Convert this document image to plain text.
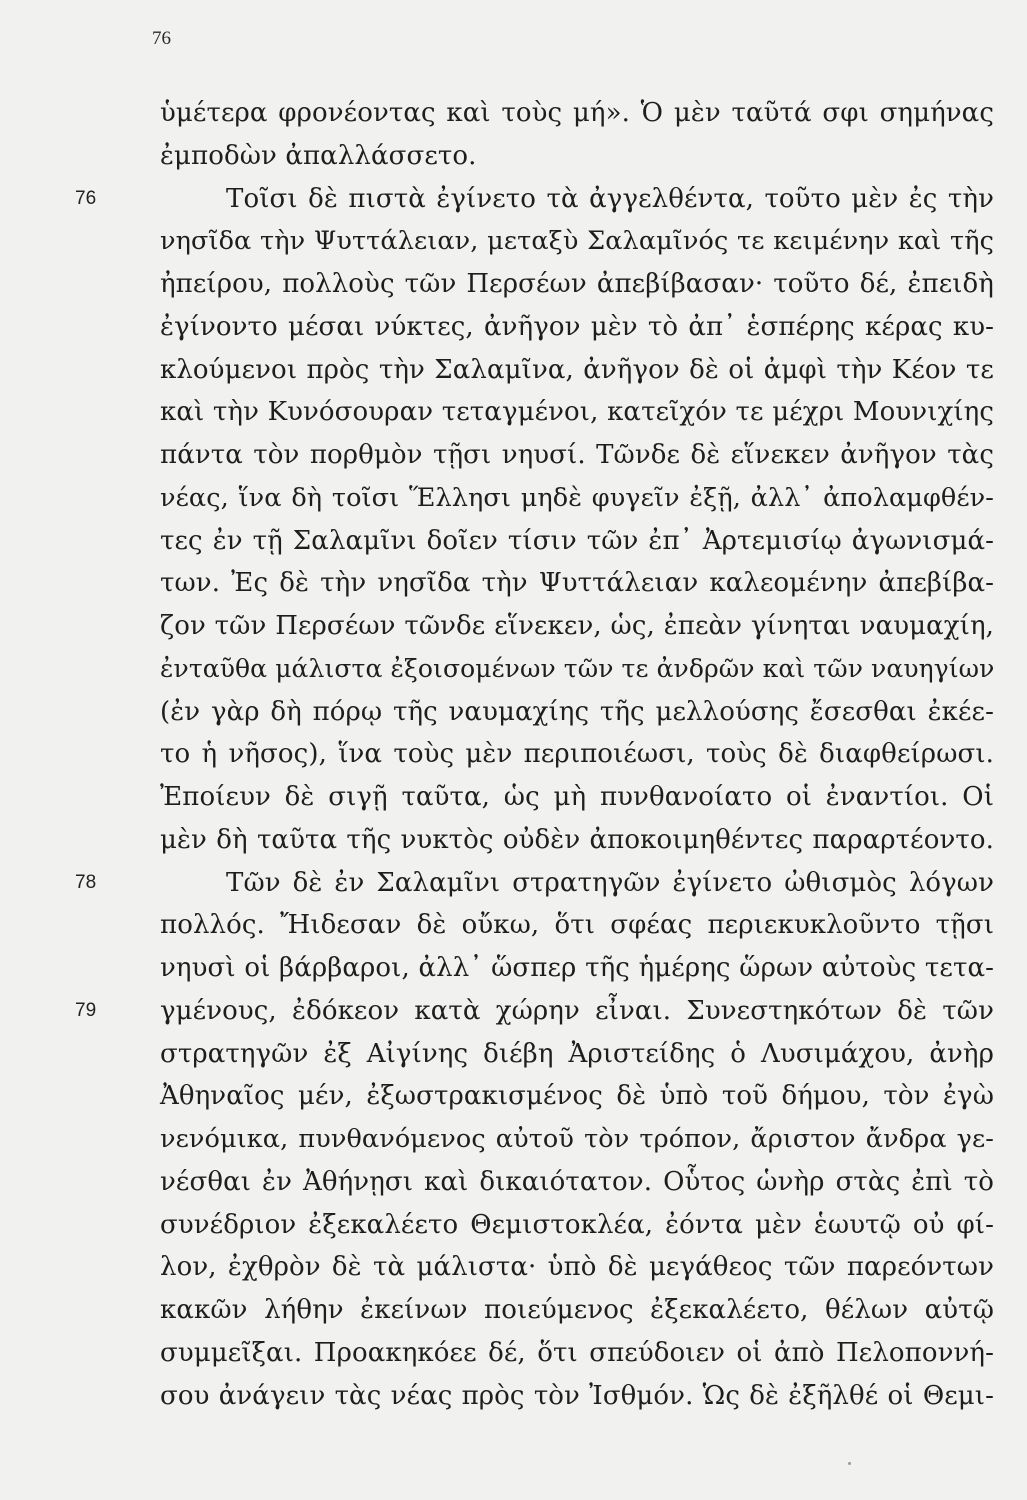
76

ὑμέτερα φρονέοντας καὶ τοὺς μή». Ὁ μὲν ταῦτά σφι σημήνας
ἐμποδὼν ἀπαλλάσσετο.
76	Τοῖσι δὲ πιστὰ ἐγίνετο τὰ ἀγγελθέντα, τοῦτο μὲν ἐς τὴν
νησῖδα τὴν Ψυττάλειαν, μεταξὺ Σαλαμῖνός τε κειμένην καὶ τῆς
ἠπείρου, πολλοὺς τῶν Περσέων ἀπεβίβασαν· τοῦτο δέ, ἐπειδὴ
ἐγίνοντο μέσαι νύκτες, ἀνῆγον μὲν τὸ ἀπ᾿ ἑσπέρης κέρας κυ-
κλούμενοι πρὸς τὴν Σαλαμῖνα, ἀνῆγον δὲ οἱ ἀμφὶ τὴν Κέον τε
καὶ τὴν Κυνόσουραν τεταγμένοι, κατεῖχόν τε μέχρι Μουνιχίης
πάντα τὸν πορθμὸν τῇσι νηυσί. Τῶνδε δὲ εἵνεκεν ἀνῆγον τὰς
νέας, ἵνα δὴ τοῖσι Ἕλλησι μηδὲ φυγεῖν ἐξῇ, ἀλλ᾿ ἀπολαμφθέν-
τες ἐν τῇ Σαλαμῖνι δοῖεν τίσιν τῶν ἐπ᾿ Ἀρτεμισίῳ ἀγωνισμά-
των. Ἐς δὲ τὴν νησῖδα τὴν Ψυττάλειαν καλεομένην ἀπεβίβα-
ζον τῶν Περσέων τῶνδε εἵνεκεν, ὡς, ἐπεὰν γίνηται ναυμαχίη,
ἐνταῦθα μάλιστα ἐξοισομένων τῶν τε ἀνδρῶν καὶ τῶν ναυηγίων
(ἐν γὰρ δὴ πόρῳ τῆς ναυμαχίης τῆς μελλούσης ἔσεσθαι ἐκέε-
το ἡ νῆσος), ἵνα τοὺς μὲν περιποιέωσι, τοὺς δὲ διαφθείρωσι.
Ἐποίευν δὲ σιγῇ ταῦτα, ὡς μὴ πυνθανοίατο οἱ ἐναντίοι. Οἱ
μὲν δὴ ταῦτα τῆς νυκτὸς οὐδὲν ἀποκοιμηθέντες παραρτέοντο.
78	Τῶν δὲ ἐν Σαλαμῖνι στρατηγῶν ἐγίνετο ὠθισμὸς λόγων
πολλός. Ἤιδεσαν δὲ οὔκω, ὅτι σφέας περιεκυκλοῦντο τῇσι
νηυσὶ οἱ βάρβαροι, ἀλλ᾿ ὥσπερ τῆς ἡμέρης ὥρων αὐτοὺς τετα-
79 γμένους, ἐδόκεον κατὰ χώρην εἶναι. Συνεστηκότων δὲ τῶν
στρατηγῶν ἐξ Αἰγίνης διέβη Ἀριστείδης ὁ Λυσιμάχου, ἀνὴρ
Ἀθηναῖος μέν, ἐξωστρακισμένος δὲ ὑπὸ τοῦ δήμου, τὸν ἐγὼ
νενόμικα, πυνθανόμενος αὐτοῦ τὸν τρόπον, ἄριστον ἄνδρα γε-
νέσθαι ἐν Ἀθήνῃσι καὶ δικαιότατον. Οὗτος ὡνὴρ στὰς ἐπὶ τὸ
συνέδριον ἐξεκαλέετο Θεμιστοκλέα, ἐόντα μὲν ἑωυτῷ οὐ φί-
λον, ἐχθρὸν δὲ τὰ μάλιστα· ὑπὸ δὲ μεγάθεος τῶν παρεόντων
κακῶν λήθην ἐκείνων ποιεύμενος ἐξεκαλέετο, θέλων αὐτῷ
συμμεῖξαι. Προακηκόεε δέ, ὅτι σπεύδοιεν οἱ ἀπὸ Πελοποννή-
σου ἀνάγειν τὰς νέας πρὸς τὸν Ἰσθμόν. Ὡς δὲ ἐξῆλθέ οἱ Θεμι-
